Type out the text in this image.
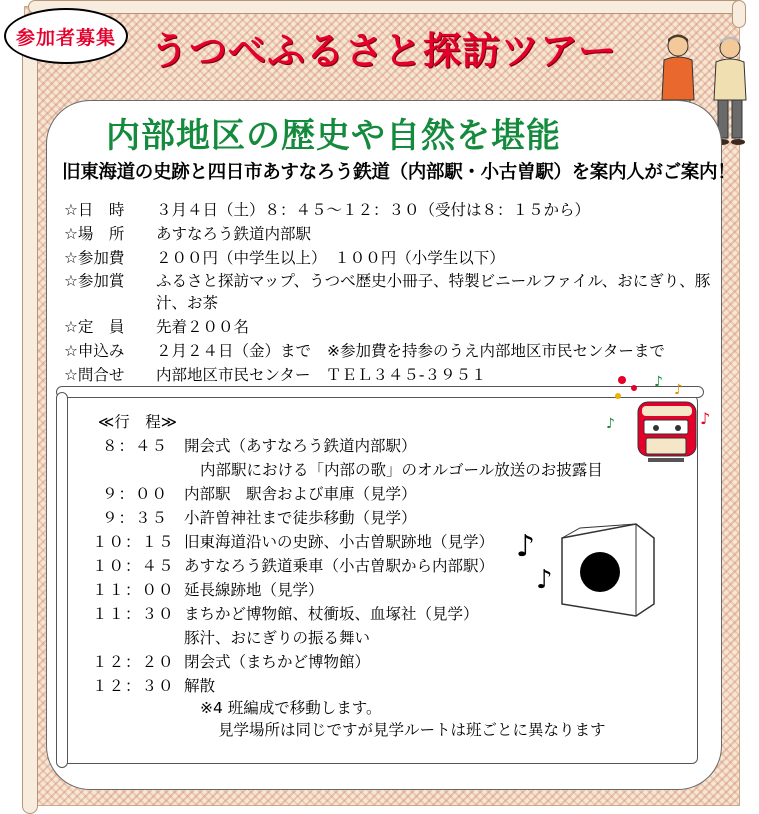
参加者募集 うつべふるさと探訪ツアー
内部地区の歴史や自然を堪能
旧東海道の史跡と四日市あすなろう鉄道（内部駅・小古曽駅）を案内人がご案内！
☆日　時	３月４日（土）８：４５～１２：３０（受付は８：１５から）
☆場　所	あすなろう鉄道内部駅
☆参加費	２００円（中学生以上）　１００円（小学生以下）
☆参加賞	ふるさと探訪マップ、うつべ歴史小冊子、特製ビニールファイル、おにぎり、豚汁、お茶
☆定　員	先着２００名
☆申込み	２月２４日（金）まで ※参加費を持参のうえ内部地区市民センターまで
☆問合せ	内部地区市民センター　ＴＥＬ３４５-３９５１
≪行　程≫
８：４５	開会式（あすなろう鉄道内部駅）
内部駅における「内部の歌」のオルゴール放送のお披露目
９：００	内部駅　駅舎および車庫（見学）
９：３５	小許曽神社まで徒歩移動（見学）
１０：１５ 旧東海道沿いの史跡、小古曽駅跡地（見学）
１０：４５ あすなろう鉄道乗車（小古曽駅から内部駅）
１１：００ 延長線跡地（見学）
１１：３０ まちかど博物館、杖衝坂、血塚社（見学）
豚汁、おにぎりの振る舞い
１２：２０ 閉会式（まちかど博物館）
１２：３０ 解散
※4 班編成で移動します。
見学場所は同じですが見学ルートは班ごとに異なります
♪ ♪
♪	♪
♪
♪
